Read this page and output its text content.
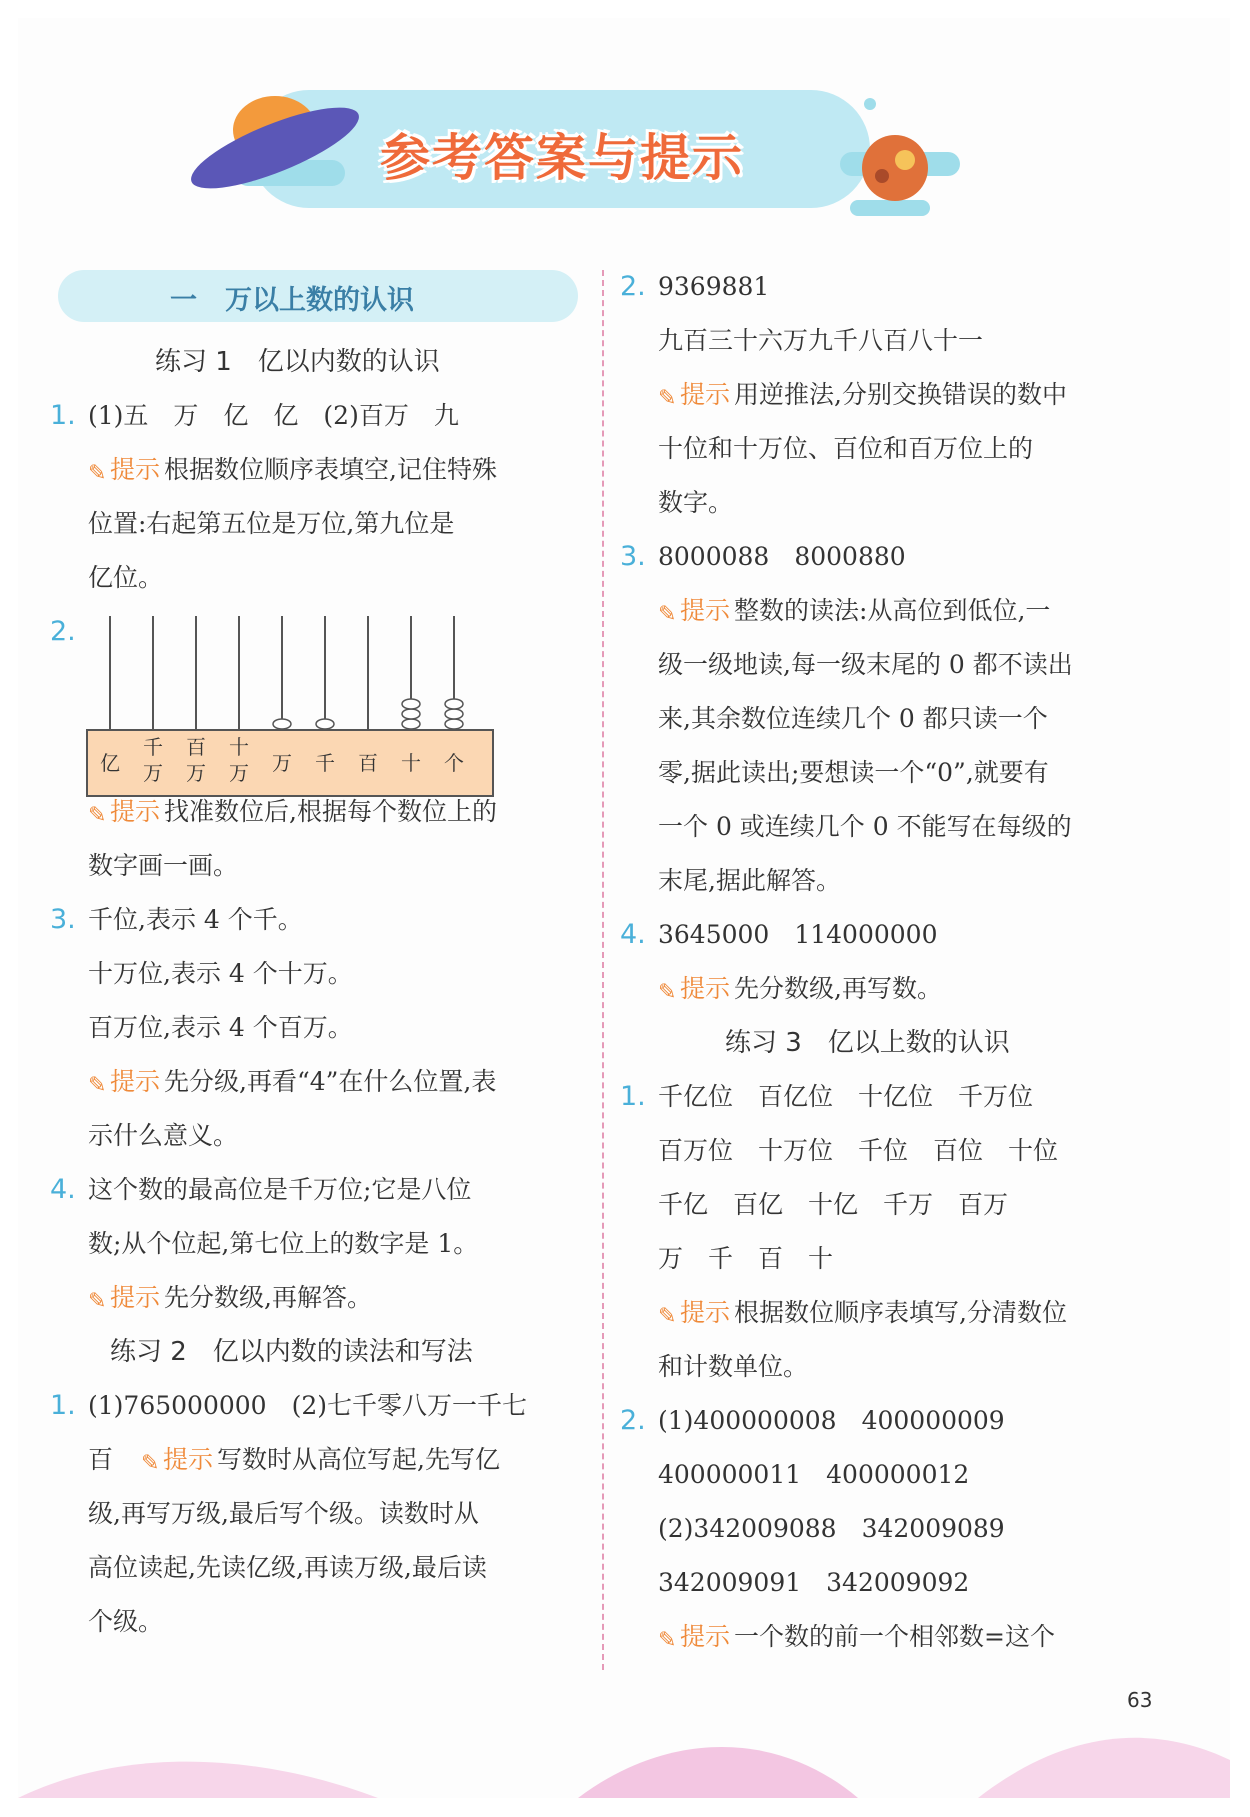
参考答案与提示
一 万以上数的认识
练习 1　亿以内数的认识
1. (1)五　万　亿　亿　(2)百万　九
✎ 提示 根据数位顺序表填空,记住特殊
位置:右起第五位是万位,第九位是
亿位。
2.
✎ 提示 找准数位后,根据每个数位上的
数字画一画。
3. 千位,表示 4 个千。
十万位,表示 4 个十万。
百万位,表示 4 个百万。
✎ 提示 先分级,再看“4”在什么位置,表
示什么意义。
4. 这个数的最高位是千万位;它是八位
数;从个位起,第七位上的数字是 1。
✎ 提示 先分数级,再解答。
练习 2　亿以内数的读法和写法
1. (1)765000000　(2)七千零八万一千七
百 ✎ 提示 写数时从高位写起,先写亿
级,再写万级,最后写个级。读数时从
高位读起,先读亿级,再读万级,最后读
个级。
亿
千万
百万
十万 万 千 百 十 个
2. 9369881
九百三十六万九千八百八十一
✎ 提示 用逆推法,分别交换错误的数中
十位和十万位、百位和百万位上的
数字。
3. 8000088　8000880
✎ 提示 整数的读法:从高位到低位,一
级一级地读,每一级末尾的 0 都不读出
来,其余数位连续几个 0 都只读一个
零,据此读出;要想读一个“0”,就要有
一个 0 或连续几个 0 不能写在每级的
末尾,据此解答。
4. 3645000　114000000
✎ 提示 先分数级,再写数。
练习 3　亿以上数的认识
1. 千亿位　百亿位　十亿位　千万位
百万位　十万位　千位　百位　十位
千亿　百亿　十亿　千万　百万
万　千　百　十
✎ 提示 根据数位顺序表填写,分清数位
和计数单位。
2. (1)400000008　400000009
400000011　400000012
(2)342009088　342009089
342009091　342009092
✎ 提示 一个数的前一个相邻数=这个
63
